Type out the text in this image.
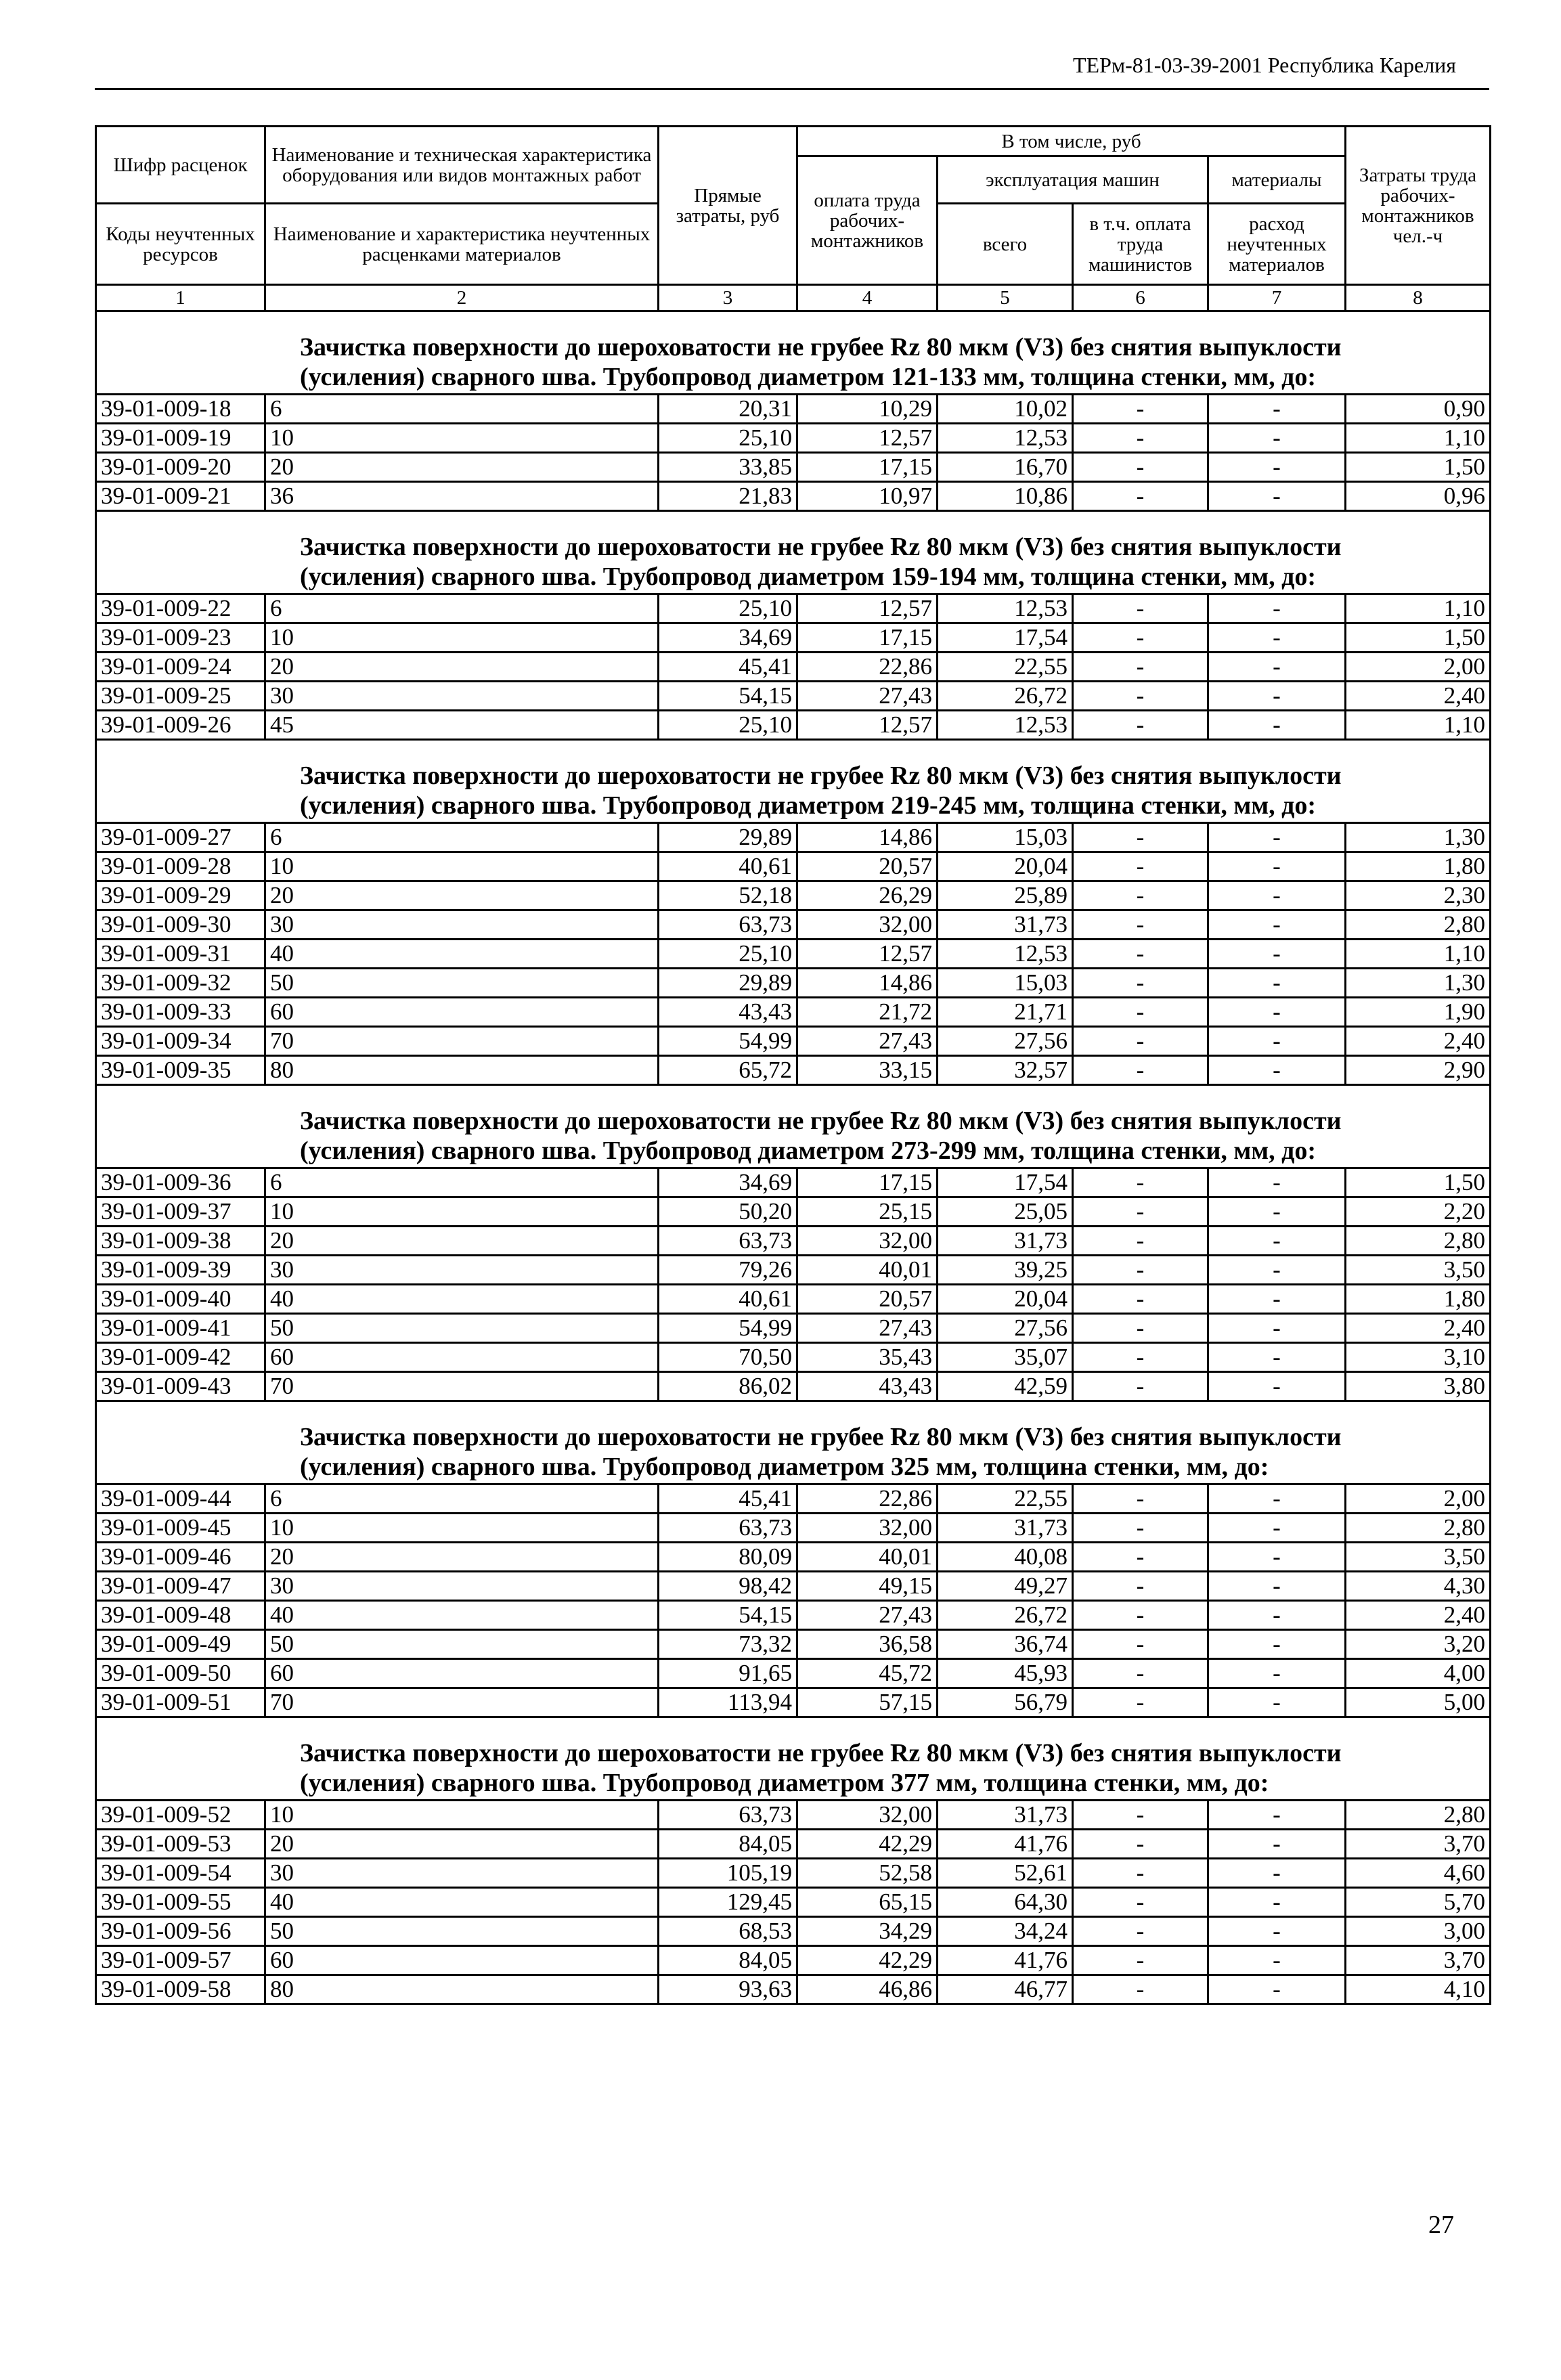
ТЕРм-81-03-39-2001 Республика Карелия
Шифр расценок	Наименование и техническая характеристика оборудования или видов монтажных работ	Прямые затраты, руб	В том числе, руб				Затраты труда рабочих-монтажников чел.-ч
			оплата труда рабочих-монтажников	эксплуатация машин		материалы	
Коды неучтенных ресурсов	Наименование и характеристика неучтенных расценками материалов			всего	в т.ч. оплата труда машинистов	расход неучтенных материалов	

1	2	3	4	5	6	7	8

Зачистка поверхности до шероховатости не грубее Rz 80 мкм (V3) без снятия выпуклости
(усиления) сварного шва. Трубопровод диаметром 121-133 мм, толщина стенки, мм, до:							

39-01-009-18	6	20,31	10,29	10,02	-	-	0,90
39-01-009-19	10	25,10	12,57	12,53	-	-	1,10
39-01-009-20	20	33,85	17,15	16,70	-	-	1,50
39-01-009-21	36	21,83	10,97	10,86	-	-	0,96

Зачистка поверхности до шероховатости не грубее Rz 80 мкм (V3) без снятия выпуклости
(усиления) сварного шва. Трубопровод диаметром 159-194 мм, толщина стенки, мм, до:							

39-01-009-22	6	25,10	12,57	12,53	-	-	1,10
39-01-009-23	10	34,69	17,15	17,54	-	-	1,50
39-01-009-24	20	45,41	22,86	22,55	-	-	2,00
39-01-009-25	30	54,15	27,43	26,72	-	-	2,40
39-01-009-26	45	25,10	12,57	12,53	-	-	1,10

Зачистка поверхности до шероховатости не грубее Rz 80 мкм (V3) без снятия выпуклости
(усиления) сварного шва. Трубопровод диаметром 219-245 мм, толщина стенки, мм, до:							

39-01-009-27	6	29,89	14,86	15,03	-	-	1,30
39-01-009-28	10	40,61	20,57	20,04	-	-	1,80
39-01-009-29	20	52,18	26,29	25,89	-	-	2,30
39-01-009-30	30	63,73	32,00	31,73	-	-	2,80
39-01-009-31	40	25,10	12,57	12,53	-	-	1,10
39-01-009-32	50	29,89	14,86	15,03	-	-	1,30
39-01-009-33	60	43,43	21,72	21,71	-	-	1,90
39-01-009-34	70	54,99	27,43	27,56	-	-	2,40
39-01-009-35	80	65,72	33,15	32,57	-	-	2,90

Зачистка поверхности до шероховатости не грубее Rz 80 мкм (V3) без снятия выпуклости
(усиления) сварного шва. Трубопровод диаметром 273-299 мм, толщина стенки, мм, до:							

39-01-009-36	6	34,69	17,15	17,54	-	-	1,50
39-01-009-37	10	50,20	25,15	25,05	-	-	2,20
39-01-009-38	20	63,73	32,00	31,73	-	-	2,80
39-01-009-39	30	79,26	40,01	39,25	-	-	3,50
39-01-009-40	40	40,61	20,57	20,04	-	-	1,80
39-01-009-41	50	54,99	27,43	27,56	-	-	2,40
39-01-009-42	60	70,50	35,43	35,07	-	-	3,10
39-01-009-43	70	86,02	43,43	42,59	-	-	3,80

Зачистка поверхности до шероховатости не грубее Rz 80 мкм (V3) без снятия выпуклости
(усиления) сварного шва. Трубопровод диаметром 325 мм, толщина стенки, мм, до:							

39-01-009-44	6	45,41	22,86	22,55	-	-	2,00
39-01-009-45	10	63,73	32,00	31,73	-	-	2,80
39-01-009-46	20	80,09	40,01	40,08	-	-	3,50
39-01-009-47	30	98,42	49,15	49,27	-	-	4,30
39-01-009-48	40	54,15	27,43	26,72	-	-	2,40
39-01-009-49	50	73,32	36,58	36,74	-	-	3,20
39-01-009-50	60	91,65	45,72	45,93	-	-	4,00
39-01-009-51	70	113,94	57,15	56,79	-	-	5,00

Зачистка поверхности до шероховатости не грубее Rz 80 мкм (V3) без снятия выпуклости
(усиления) сварного шва. Трубопровод диаметром 377 мм, толщина стенки, мм, до:							

39-01-009-52	10	63,73	32,00	31,73	-	-	2,80
39-01-009-53	20	84,05	42,29	41,76	-	-	3,70
39-01-009-54	30	105,19	52,58	52,61	-	-	4,60
39-01-009-55	40	129,45	65,15	64,30	-	-	5,70
39-01-009-56	50	68,53	34,29	34,24	-	-	3,00
39-01-009-57	60	84,05	42,29	41,76	-	-	3,70
39-01-009-58	80	93,63	46,86	46,77	-	-	4,10
27
